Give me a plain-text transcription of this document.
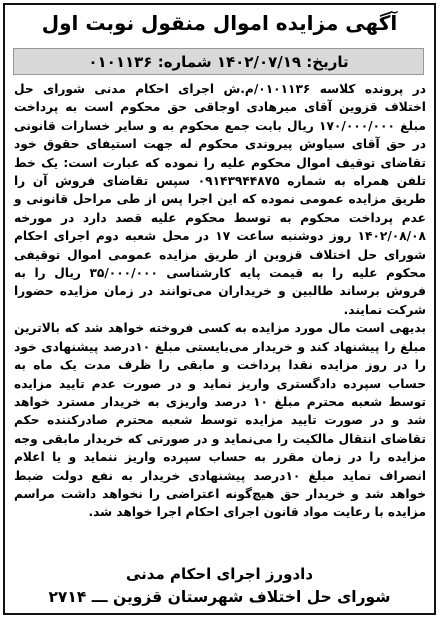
آگهی مزایده اموال منقول نوبت اول
تاریخ: ۱۴۰۲/۰۷/۱۹ شماره: ۰۱۰۱۱۳۶

در پرونده کلاسه ۰۱۰۱۱۳۶/م.ش اجرای احکام مدنی شورای حل اختلاف قزوین آقای میرهادی اوجاقی حق محکوم است به پرداخت مبلغ ۱۷۰/۰۰۰/۰۰۰ ریال بابت جمع محکوم به و سایر خسارات قانونی در حق آقای سیاوش پیروندی محکوم له جهت استیفای حقوق خود تقاضای توقیف اموال محکوم علیه را نموده که عبارت است: یک خط تلفن همراه به شماره ۰۹۱۴۳۹۴۴۸۷۵ سپس تقاضای فروش آن را طریق مزایده عمومی نموده که این اجرا پس از طی مراحل قانونی و عدم پرداخت محکوم به توسط محکوم علیه قصد دارد در مورخه ۱۴۰۲/۰۸/۰۸ روز دوشنبه ساعت ۱۷ در محل شعبه دوم اجرای احکام شورای حل اختلاف قزوین از طریق مزایده عمومی اموال توقیفی محکوم علیه را به قیمت پایه کارشناسی ۳۵/۰۰۰/۰۰۰ ریال را به فروش برساند طالبین و خریداران می‌توانند در زمان مزایده حضورا شرکت نمایند.

بدیهی است مال مورد مزایده به کسی فروخته خواهد شد که بالاترین مبلغ را پیشنهاد کند و خریدار می‌بایستی مبلغ ۱۰درصد پیشنهادی خود را در روز مزایده نقدا پرداخت و مابقی را ظرف مدت یک ماه به حساب سپرده دادگستری واریز نماید و در صورت عدم تایید مزایده توسط شعبه محترم مبلغ ۱۰ درصد واریزی به خریدار مسترد خواهد شد و در صورت تایید مزایده توسط شعبه محترم صادرکننده حکم تقاضای انتقال مالکیت را می‌نماید و در صورتی که خریدار مابقی وجه مزایده را در زمان مقرر به حساب سپرده واریز ننماید و یا اعلام انصراف نماید مبلغ ۱۰درصد پیشنهادی خریدار به نفع دولت ضبط خواهد شد و خریدار حق هیچ‌گونه اعتراضی را نخواهد داشت مراسم مزایده با رعایت مواد قانون اجرای احکام اجرا خواهد شد.

دادورز اجرای احکام مدنی
شورای حل اختلاف شهرستان قزوین ـــ ۲۷۱۴
